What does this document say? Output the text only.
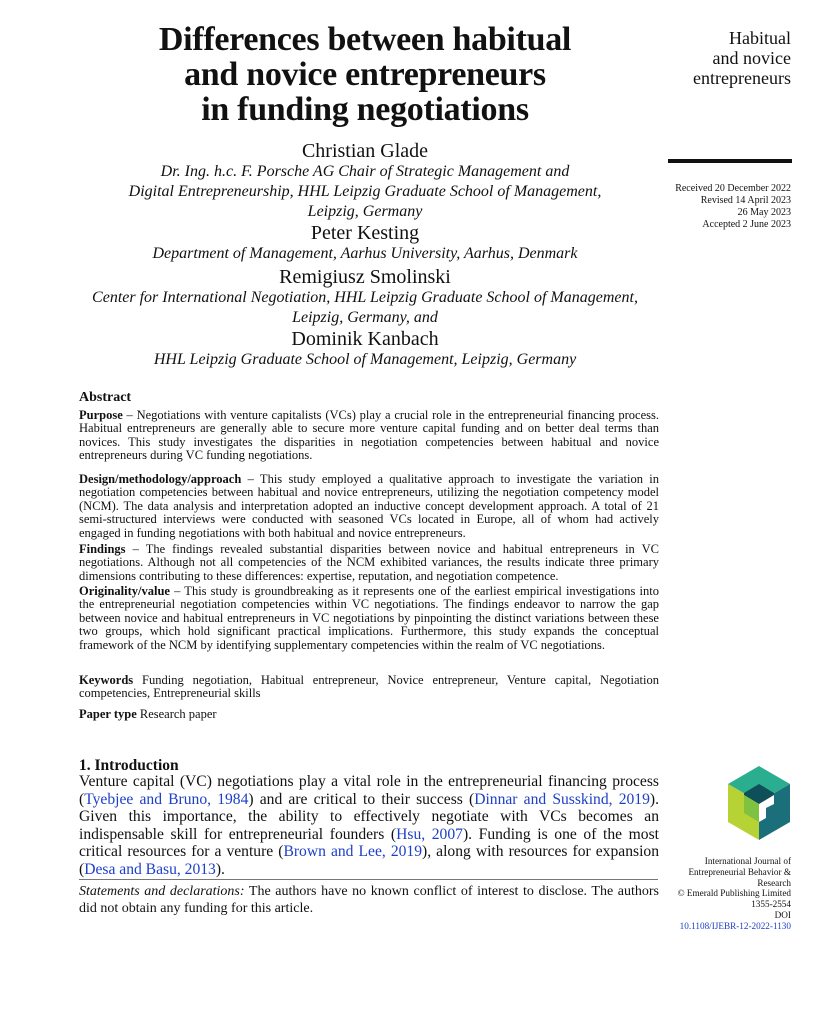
Differences between habitual
and novice entrepreneurs
in funding negotiations
Christian Glade
Dr. Ing. h.c. F. Porsche AG Chair of Strategic Management and
Digital Entrepreneurship, HHL Leipzig Graduate School of Management,
Leipzig, Germany
Peter Kesting
Department of Management, Aarhus University, Aarhus, Denmark
Remigiusz Smolinski
Center for International Negotiation, HHL Leipzig Graduate School of Management,
Leipzig, Germany, and
Dominik Kanbach
HHL Leipzig Graduate School of Management, Leipzig, Germany
Habitual
and novice
entrepreneurs
Received 20 December 2022
Revised 14 April 2023
26 May 2023
Accepted 2 June 2023
Abstract

Purpose – Negotiations with venture capitalists (VCs) play a crucial role in the entrepreneurial financing process. Habitual entrepreneurs are generally able to secure more venture capital funding and on better deal terms than novices. This study investigates the disparities in negotiation competencies between habitual and novice entrepreneurs during VC funding negotiations.

Design/methodology/approach – This study employed a qualitative approach to investigate the variation in negotiation competencies between habitual and novice entrepreneurs, utilizing the negotiation competency model (NCM). The data analysis and interpretation adopted an inductive concept development approach. A total of 21 semi-structured interviews were conducted with seasoned VCs located in Europe, all of whom had actively engaged in funding negotiations with both habitual and novice entrepreneurs.

Findings – The findings revealed substantial disparities between novice and habitual entrepreneurs in VC negotiations. Although not all competencies of the NCM exhibited variances, the results indicate three primary dimensions contributing to these differences: expertise, reputation, and negotiation competence.

Originality/value – This study is groundbreaking as it represents one of the earliest empirical investigations into the entrepreneurial negotiation competencies within VC negotiations. The findings endeavor to narrow the gap between novice and habitual entrepreneurs in VC negotiations by pinpointing the distinct variations between these two groups, which hold significant practical implications. Furthermore, this study expands the conceptual framework of the NCM by identifying supplementary competencies within the realm of VC negotiations.

Keywords Funding negotiation, Habitual entrepreneur, Novice entrepreneur, Venture capital, Negotiation competencies, Entrepreneurial skills

Paper type Research paper

1. Introduction

Venture capital (VC) negotiations play a vital role in the entrepreneurial financing process (Tyebjee and Bruno, 1984) and are critical to their success (Dinnar and Susskind, 2019). Given this importance, the ability to effectively negotiate with VCs becomes an indispensable skill for entrepreneurial founders (Hsu, 2007). Funding is one of the most critical resources for a venture (Brown and Lee, 2019), along with resources for expansion (Desa and Basu, 2013).

Statements and declarations: The authors have no known conflict of interest to disclose. The authors did not obtain any funding for this article.

International Journal of
Entrepreneurial Behavior &
Research
© Emerald Publishing Limited
1355-2554
DOI
10.1108/IJEBR-12-2022-1130
